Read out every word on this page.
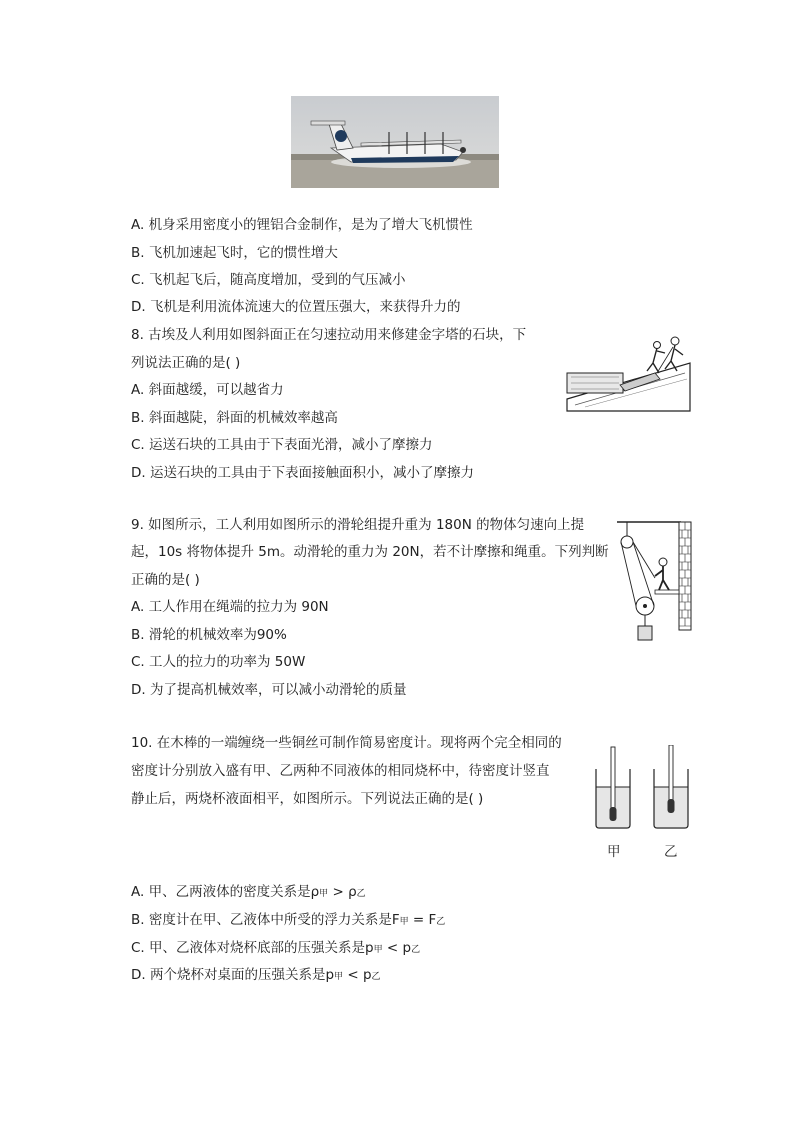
A. 机身采用密度小的锂铝合金制作，是为了增大飞机惯性
B. 飞机加速起飞时，它的惯性增大
C. 飞机起飞后，随高度增加，受到的气压减小
D. 飞机是利用流体流速大的位置压强大，来获得升力的
8. 古埃及人利用如图斜面正在匀速拉动用来修建金字塔的石块，下
列说法正确的是( )
A. 斜面越缓，可以越省力
B. 斜面越陡，斜面的机械效率越高
C. 运送石块的工具由于下表面光滑，减小了摩擦力
D. 运送石块的工具由于下表面接触面积小，减小了摩擦力
9. 如图所示，工人利用如图所示的滑轮组提升重为 180N 的物体匀速向上提
起，10s 将物体提升 5m。动滑轮的重力为 20N，若不计摩擦和绳重。下列判断
正确的是( )
A. 工人作用在绳端的拉力为 90N
B. 滑轮的机械效率为90%
C. 工人的拉力的功率为 50W
D. 为了提高机械效率，可以减小动滑轮的质量
10. 在木棒的一端缠绕一些铜丝可制作简易密度计。现将两个完全相同的
密度计分别放入盛有甲、乙两种不同液体的相同烧杯中，待密度计竖直
静止后，两烧杯液面相平，如图所示。下列说法正确的是( )
甲	乙
A. 甲、乙两液体的密度关系是ρ甲 > ρ乙
B. 密度计在甲、乙液体中所受的浮力关系是F甲 = F乙
C. 甲、乙液体对烧杯底部的压强关系是p甲 < p乙
D. 两个烧杯对桌面的压强关系是p甲 < p乙
